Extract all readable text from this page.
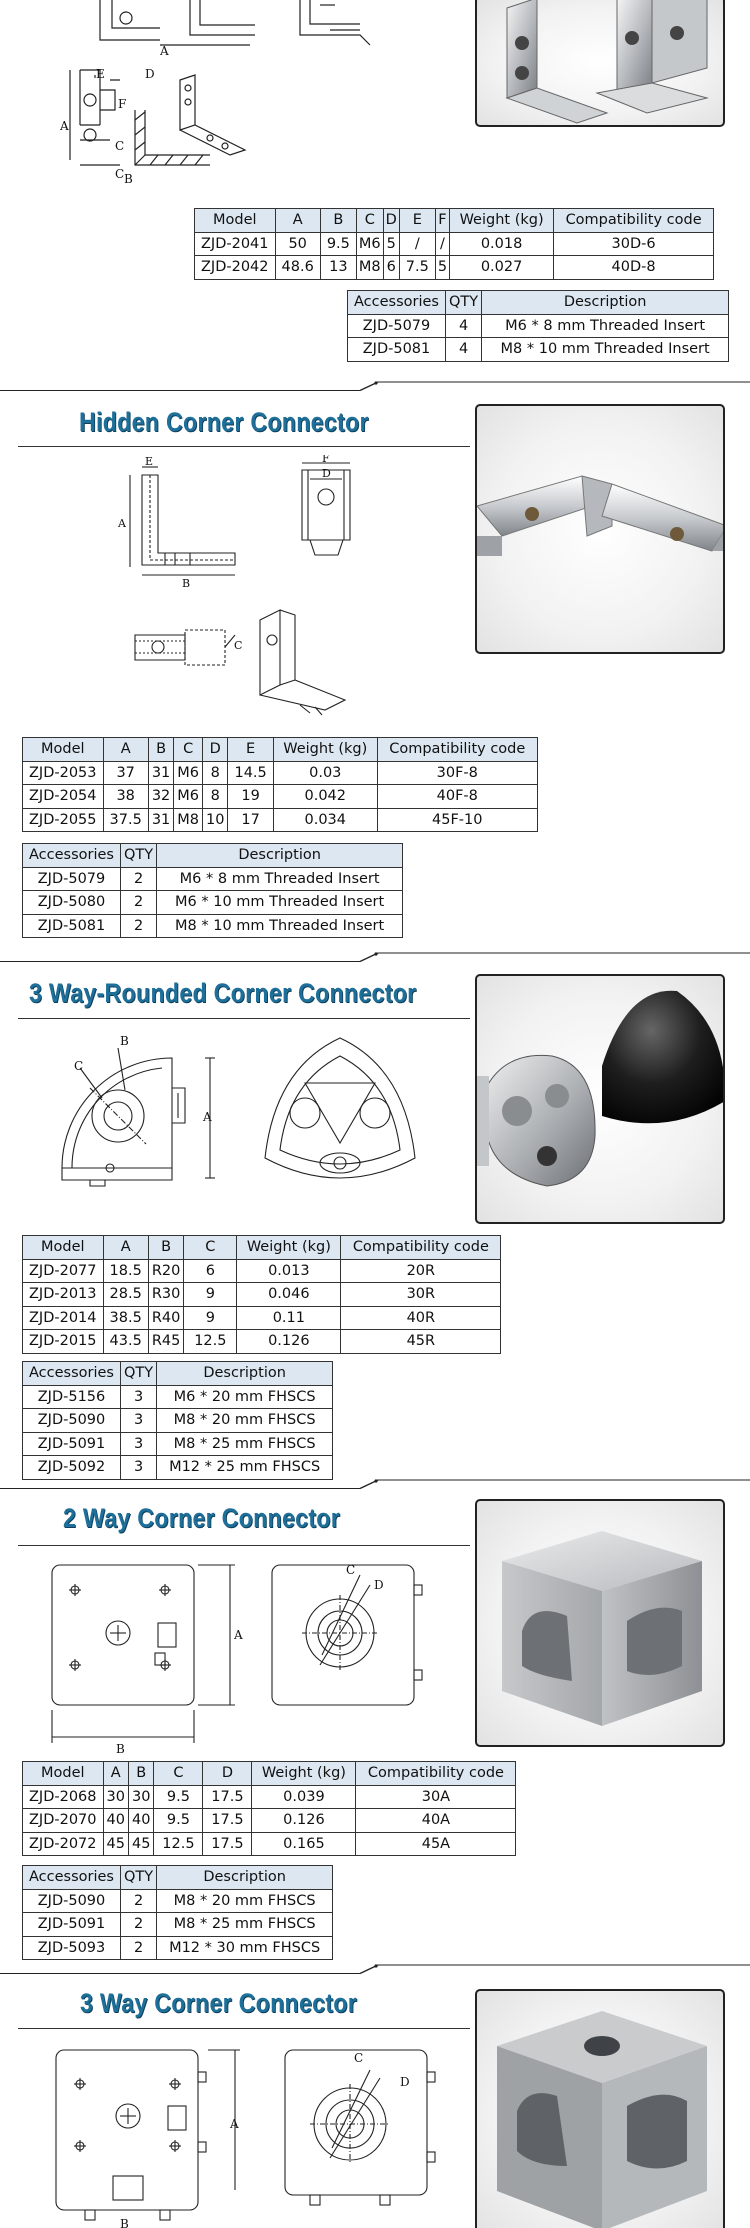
A
B
E	D
F
C
C
A
Model	A	B	C	D	E	F	Weight (kg)	Compatibility code
ZJD-2041	50	9.5	M6	5	/	/	0.018	30D-6
ZJD-2042	48.6	13	M8	6	7.5	5	0.027	40D-8
Accessories	QTY	Description
ZJD-5079	4	M6 * 8 mm Threaded Insert
ZJD-5081	4	M8 * 10 mm Threaded Insert
Hidden Corner Connector
E
A
B
F
D
C
Model	A	B	C	D	E	Weight (kg)	Compatibility code
ZJD-2053	37	31	M6	8	14.5	0.03	30F-8
ZJD-2054	38	32	M6	8	19	0.042	40F-8
ZJD-2055	37.5	31	M8	10	17	0.034	45F-10
Accessories	QTY	Description
ZJD-5079	2	M6 * 8 mm Threaded Insert
ZJD-5080	2	M6 * 10 mm Threaded Insert
ZJD-5081	2	M8 * 10 mm Threaded Insert
3 Way-Rounded Corner Connector
B
C
A
Model	A	B	C	Weight (kg)	Compatibility code
ZJD-2077	18.5	R20	6	0.013	20R
ZJD-2013	28.5	R30	9	0.046	30R
ZJD-2014	38.5	R40	9	0.11	40R
ZJD-2015	43.5	R45	12.5	0.126	45R
Accessories	QTY	Description
ZJD-5156	3	M6 * 20 mm FHSCS
ZJD-5090	3	M8 * 20 mm FHSCS
ZJD-5091	3	M8 * 25 mm FHSCS
ZJD-5092	3	M12 * 25 mm FHSCS
2 Way Corner Connector
A
B
C
D
Model	A	B	C	D	Weight (kg)	Compatibility code
ZJD-2068	30	30	9.5	17.5	0.039	30A
ZJD-2070	40	40	9.5	17.5	0.126	40A
ZJD-2072	45	45	12.5	17.5	0.165	45A
Accessories	QTY	Description
ZJD-5090	2	M8 * 20 mm FHSCS
ZJD-5091	2	M8 * 25 mm FHSCS
ZJD-5093	2	M12 * 30 mm FHSCS
3 Way Corner Connector
A
B
C
D
